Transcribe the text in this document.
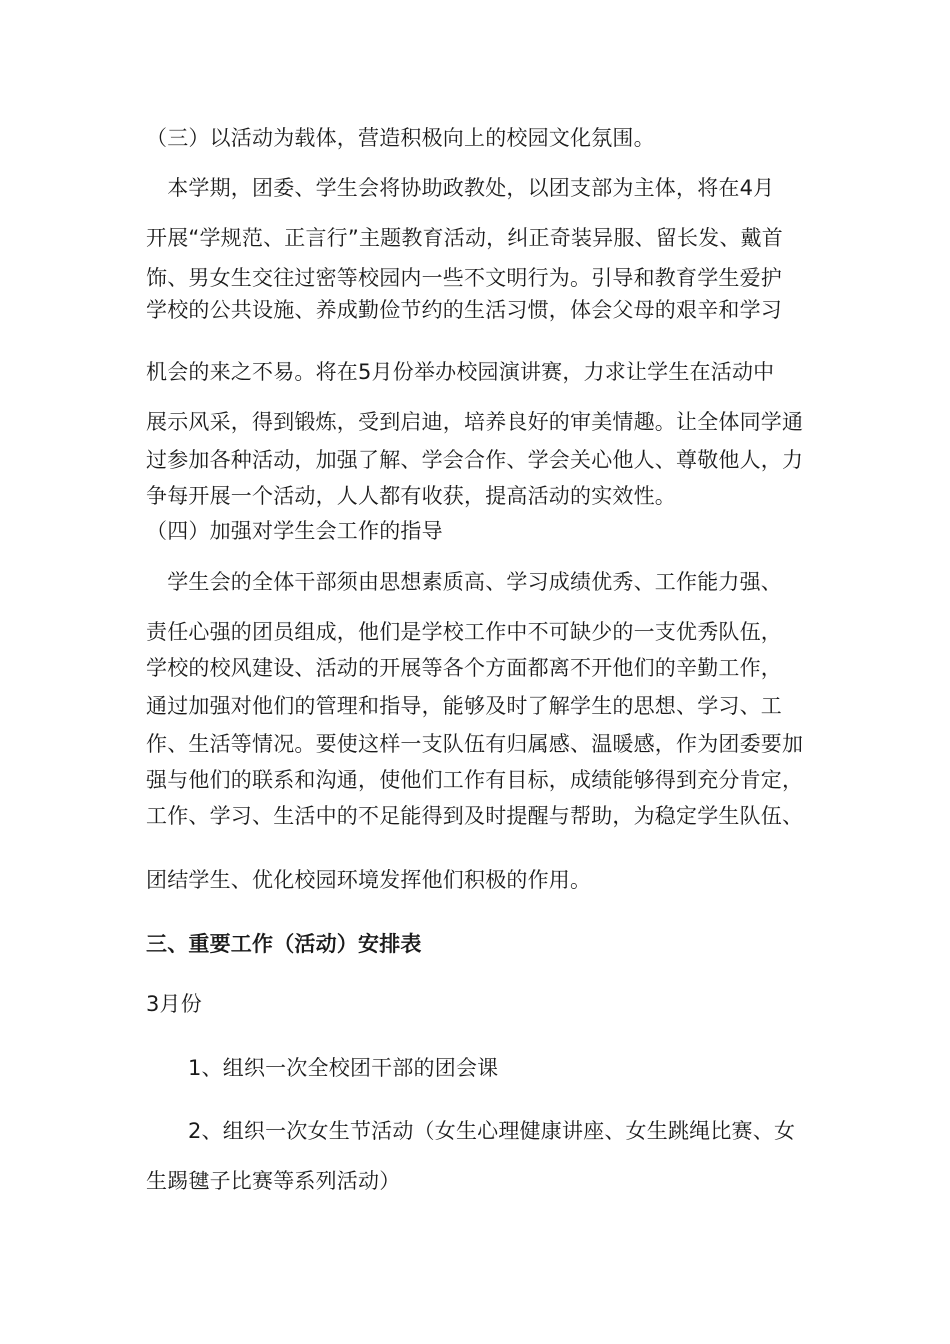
（三）以活动为载体，营造积极向上的校园文化氛围。
　本学期，团委、学生会将协助政教处，以团支部为主体，将在4月
开展“学规范、正言行”主题教育活动，纠正奇装异服、留长发、戴首
饰、男女生交往过密等校园内一些不文明行为。引导和教育学生爱护
学校的公共设施、养成勤俭节约的生活习惯，体会父母的艰辛和学习
机会的来之不易。将在5月份举办校园演讲赛，力求让学生在活动中
展示风采，得到锻炼，受到启迪，培养良好的审美情趣。让全体同学通
过参加各种活动，加强了解、学会合作、学会关心他人、尊敬他人，力
争每开展一个活动，人人都有收获，提高活动的实效性。
（四）加强对学生会工作的指导
　学生会的全体干部须由思想素质高、学习成绩优秀、工作能力强、
责任心强的团员组成，他们是学校工作中不可缺少的一支优秀队伍，
学校的校风建设、活动的开展等各个方面都离不开他们的辛勤工作，
通过加强对他们的管理和指导，能够及时了解学生的思想、学习、工
作、生活等情况。要使这样一支队伍有归属感、温暖感，作为团委要加
强与他们的联系和沟通，使他们工作有目标，成绩能够得到充分肯定，
工作、学习、生活中的不足能得到及时提醒与帮助，为稳定学生队伍、
团结学生、优化校园环境发挥他们积极的作用。
三、重要工作（活动）安排表
3月份
1、组织一次全校团干部的团会课
2、组织一次女生节活动（女生心理健康讲座、女生跳绳比赛、女
生踢毽子比赛等系列活动）
